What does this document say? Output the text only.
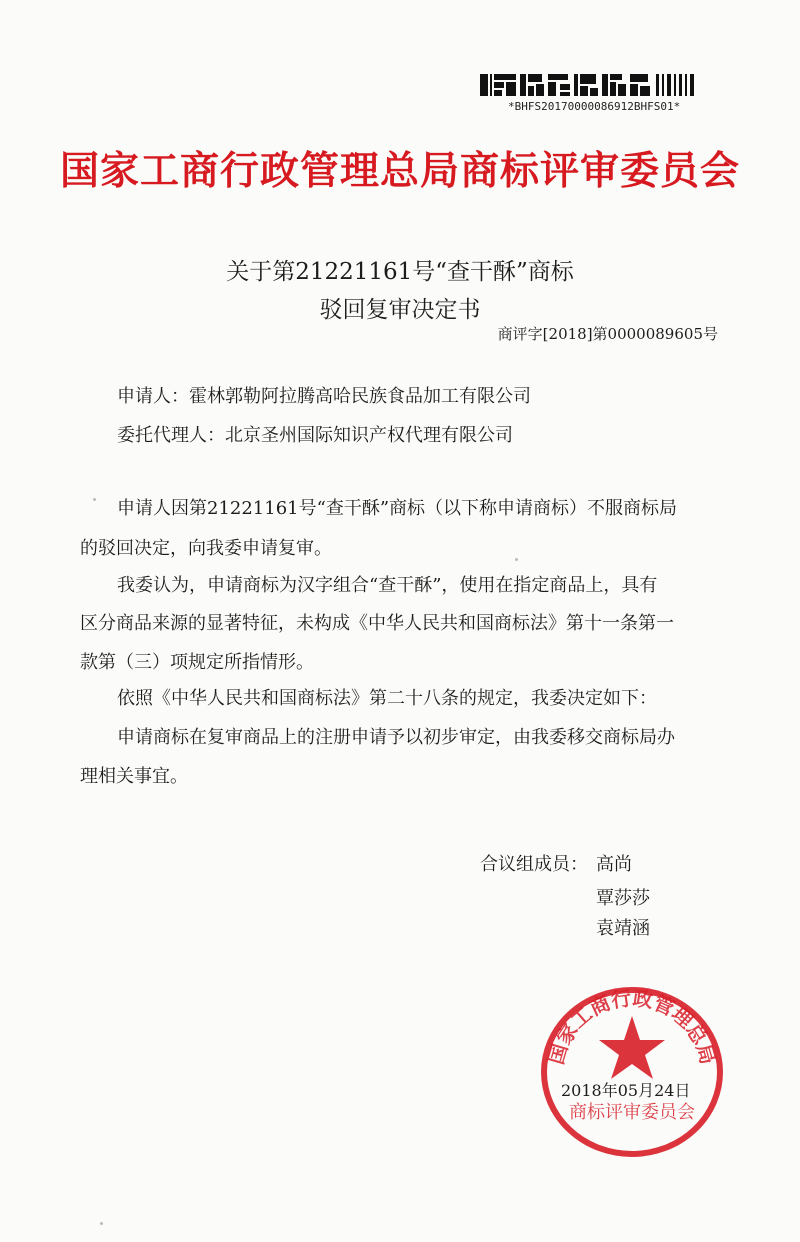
*BHFS20170000086912BHFS01*
国家工商行政管理总局商标评审委员会
关于第21221161号“查干酥”商标
驳回复审决定书
商评字[2018]第0000089605号
申请人：霍林郭勒阿拉腾高哈民族食品加工有限公司
委托代理人：北京圣州国际知识产权代理有限公司
申请人因第21221161号“查干酥”商标（以下称申请商标）不服商标局
的驳回决定，向我委申请复审。
我委认为，申请商标为汉字组合“查干酥”，使用在指定商品上，具有
区分商品来源的显著特征，未构成《中华人民共和国商标法》第十一条第一
款第（三）项规定所指情形。
依照《中华人民共和国商标法》第二十八条的规定，我委决定如下：
申请商标在复审商品上的注册申请予以初步审定，由我委移交商标局办
理相关事宜。
合议组成员： 高尚
覃莎莎
袁靖涵
国家工商行政管理总局
商标评审委员会
2018年05月24日
